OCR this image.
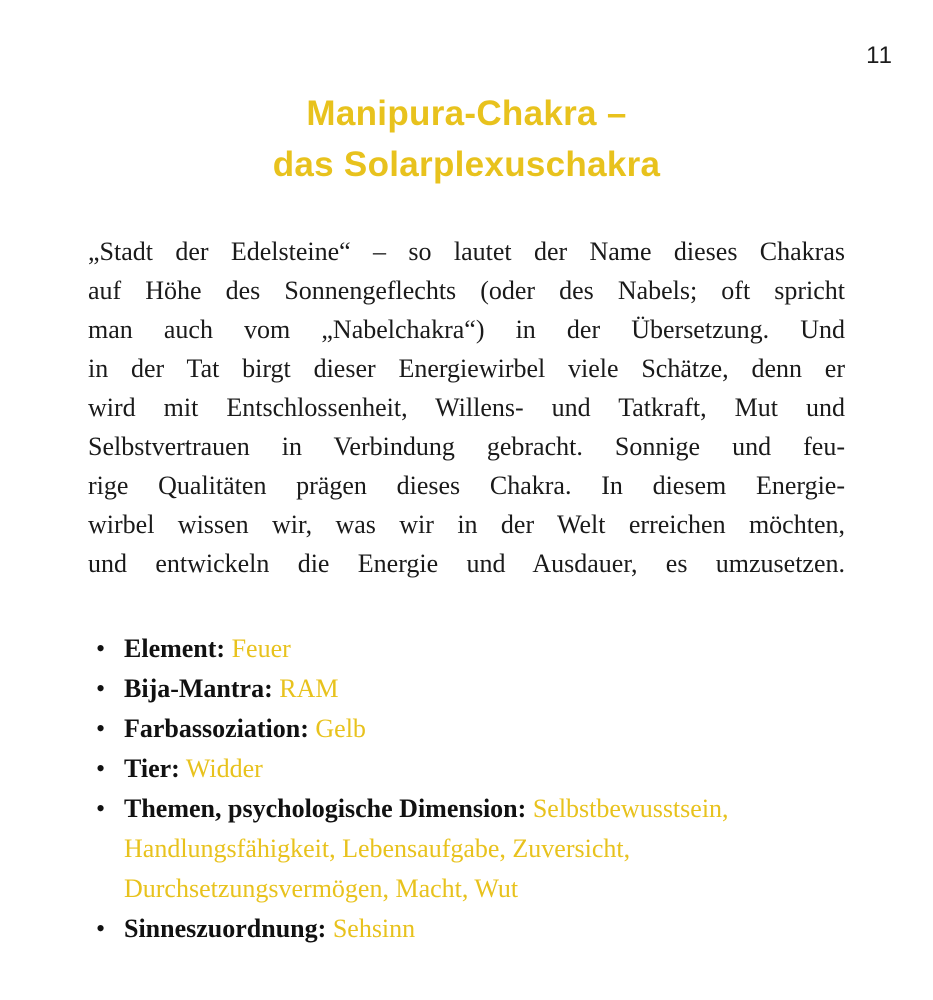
11
Manipura-Chakra –
das Solarplexuschakra
„Stadt der Edelsteine“ – so lautet der Name dieses Chakras
auf Höhe des Sonnengeflechts (oder des Nabels; oft spricht
man auch vom „Nabelchakra“) in der Übersetzung. Und
in der Tat birgt dieser Energiewirbel viele Schätze, denn er
wird mit Entschlossenheit, Willens- und Tatkraft, Mut und
Selbstvertrauen in Verbindung gebracht. Sonnige und feu-
rige Qualitäten prägen dieses Chakra. In diesem Energie-
wirbel wissen wir, was wir in der Welt erreichen möchten,
und entwickeln die Energie und Ausdauer, es umzusetzen.
• Element: Feuer
• Bija-Mantra: RAM
• Farbassoziation: Gelb
• Tier: Widder
• Themen, psychologische Dimension: Selbstbewusstsein, Handlungsfähigkeit, Lebensaufgabe, Zuversicht, Durchsetzungsvermögen, Macht, Wut
• Sinneszuordnung: Sehsinn
